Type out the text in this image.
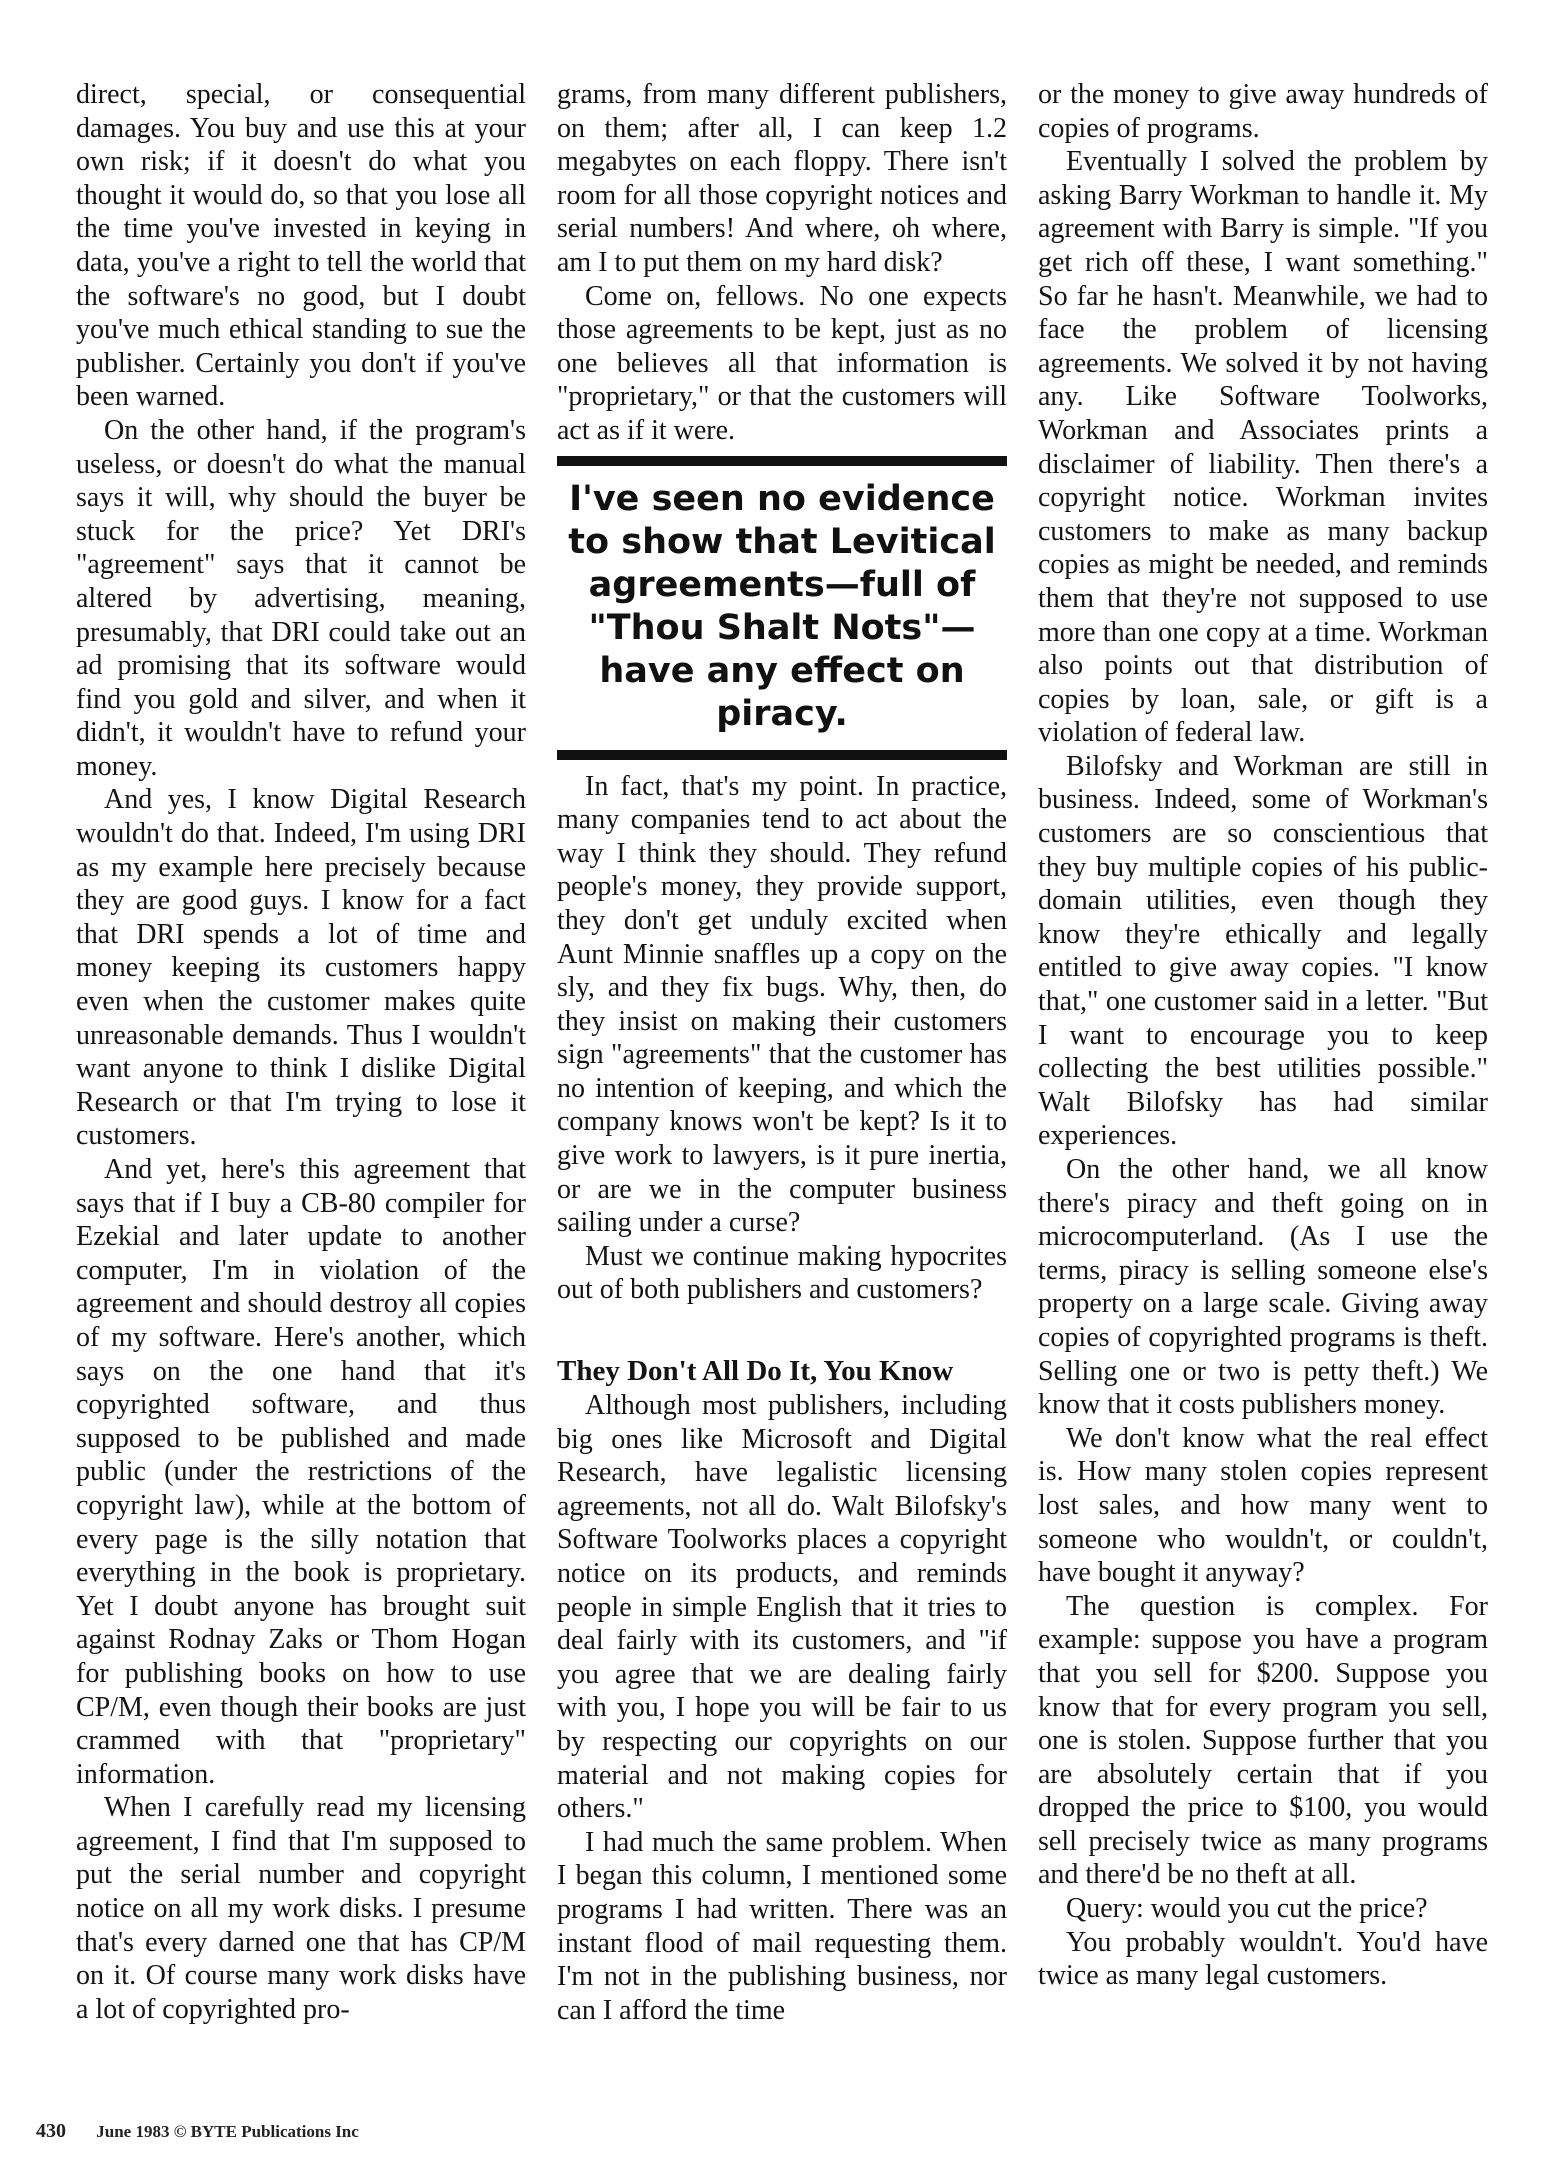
direct, special, or consequential damages. You buy and use this at your own risk; if it doesn't do what you thought it would do, so that you lose all the time you've invested in keying in data, you've a right to tell the world that the software's no good, but I doubt you've much ethical standing to sue the publisher. Certainly you don't if you've been warned.

On the other hand, if the program's useless, or doesn't do what the manual says it will, why should the buyer be stuck for the price? Yet DRI's "agreement" says that it cannot be altered by advertising, meaning, presumably, that DRI could take out an ad promising that its software would find you gold and silver, and when it didn't, it wouldn't have to refund your money.

And yes, I know Digital Research wouldn't do that. Indeed, I'm using DRI as my example here precisely because they are good guys. I know for a fact that DRI spends a lot of time and money keeping its customers happy even when the customer makes quite unreasonable demands. Thus I wouldn't want anyone to think I dislike Digital Research or that I'm trying to lose it customers.

And yet, here's this agreement that says that if I buy a CB-80 compiler for Ezekial and later update to another computer, I'm in violation of the agreement and should destroy all copies of my software. Here's another, which says on the one hand that it's copyrighted software, and thus supposed to be published and made public (under the restrictions of the copyright law), while at the bottom of every page is the silly notation that everything in the book is proprietary. Yet I doubt anyone has brought suit against Rodnay Zaks or Thom Hogan for publishing books on how to use CP/M, even though their books are just crammed with that "proprietary" information.

When I carefully read my licensing agreement, I find that I'm supposed to put the serial number and copyright notice on all my work disks. I presume that's every darned one that has CP/M on it. Of course many work disks have a lot of copyrighted pro-

grams, from many different publishers, on them; after all, I can keep 1.2 megabytes on each floppy. There isn't room for all those copyright notices and serial numbers! And where, oh where, am I to put them on my hard disk?

Come on, fellows. No one expects those agreements to be kept, just as no one believes all that information is "proprietary," or that the customers will act as if it were.

I've seen no evidence to show that Levitical agreements—full of "Thou Shalt Nots"— have any effect on piracy.

In fact, that's my point. In practice, many companies tend to act about the way I think they should. They refund people's money, they provide support, they don't get unduly excited when Aunt Minnie snaffles up a copy on the sly, and they fix bugs. Why, then, do they insist on making their customers sign "agreements" that the customer has no intention of keeping, and which the company knows won't be kept? Is it to give work to lawyers, is it pure inertia, or are we in the computer business sailing under a curse?

Must we continue making hypocrites out of both publishers and customers?

They Don't All Do It, You Know

Although most publishers, including big ones like Microsoft and Digital Research, have legalistic licensing agreements, not all do. Walt Bilofsky's Software Toolworks places a copyright notice on its products, and reminds people in simple English that it tries to deal fairly with its customers, and "if you agree that we are dealing fairly with you, I hope you will be fair to us by respecting our copyrights on our material and not making copies for others."

I had much the same problem. When I began this column, I mentioned some programs I had written. There was an instant flood of mail requesting them. I'm not in the publishing business, nor can I afford the time

or the money to give away hundreds of copies of programs.

Eventually I solved the problem by asking Barry Workman to handle it. My agreement with Barry is simple. "If you get rich off these, I want something." So far he hasn't. Meanwhile, we had to face the problem of licensing agreements. We solved it by not having any. Like Software Toolworks, Workman and Associates prints a disclaimer of liability. Then there's a copyright notice. Workman invites customers to make as many backup copies as might be needed, and reminds them that they're not supposed to use more than one copy at a time. Workman also points out that distribution of copies by loan, sale, or gift is a violation of federal law.

Bilofsky and Workman are still in business. Indeed, some of Workman's customers are so conscientious that they buy multiple copies of his public-domain utilities, even though they know they're ethically and legally entitled to give away copies. "I know that," one customer said in a letter. "But I want to encourage you to keep collecting the best utilities possible." Walt Bilofsky has had similar experiences.

On the other hand, we all know there's piracy and theft going on in microcomputerland. (As I use the terms, piracy is selling someone else's property on a large scale. Giving away copies of copyrighted programs is theft. Selling one or two is petty theft.) We know that it costs publishers money.

We don't know what the real effect is. How many stolen copies represent lost sales, and how many went to someone who wouldn't, or couldn't, have bought it anyway?

The question is complex. For example: suppose you have a program that you sell for $200. Suppose you know that for every program you sell, one is stolen. Suppose further that you are absolutely certain that if you dropped the price to $100, you would sell precisely twice as many programs and there'd be no theft at all.

Query: would you cut the price?

You probably wouldn't. You'd have twice as many legal customers.

430 June 1983 © BYTE Publications Inc
